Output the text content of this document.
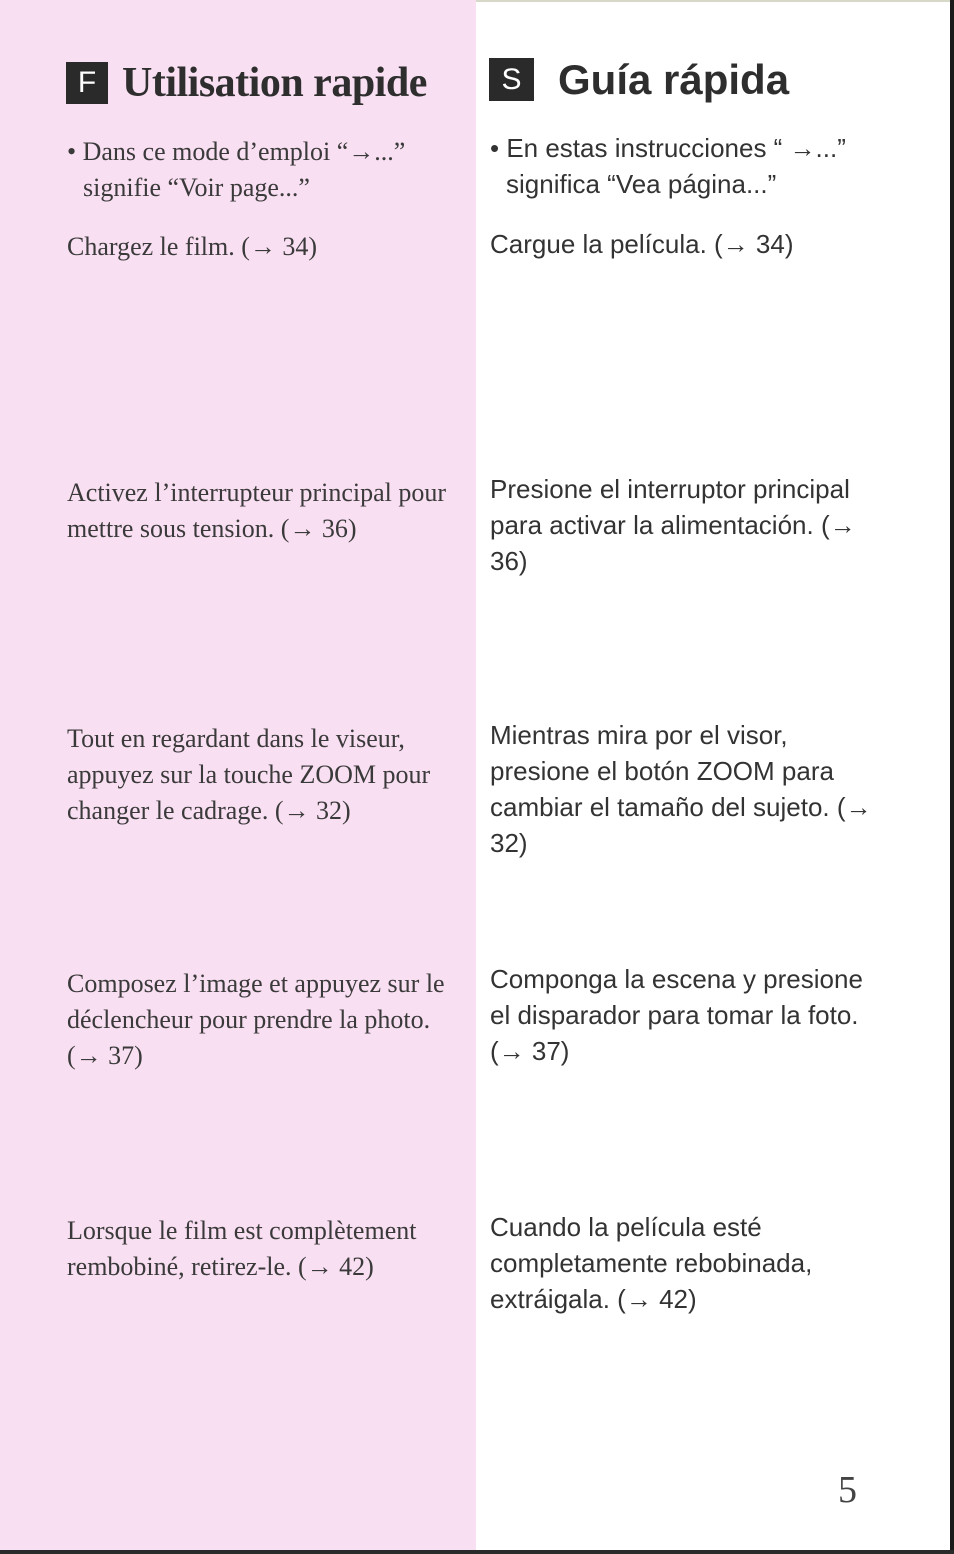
F Utilisation rapide

• Dans ce mode d’emploi “→...” signifie “Voir page...”

Chargez le film. (→ 34)

Activez l’interrupteur principal pour mettre sous tension. (→ 36)

Tout en regardant dans le viseur, appuyez sur la touche ZOOM pour changer le cadrage. (→ 32)

Composez l’image et appuyez sur le déclencheur pour prendre la photo. (→ 37)

Lorsque le film est complètement rembobiné, retirez-le. (→ 42)

S Guía rápida

• En estas instrucciones “ →...” significa “Vea página...”

Cargue la película. (→ 34)

Presione el interruptor principal para activar la alimentación. (→ 36)

Mientras mira por el visor, presione el botón ZOOM para cambiar el tamaño del sujeto. (→ 32)

Componga la escena y presione el disparador para tomar la foto. (→ 37)

Cuando la película esté completamente rebobinada, extráigala. (→ 42)

5
